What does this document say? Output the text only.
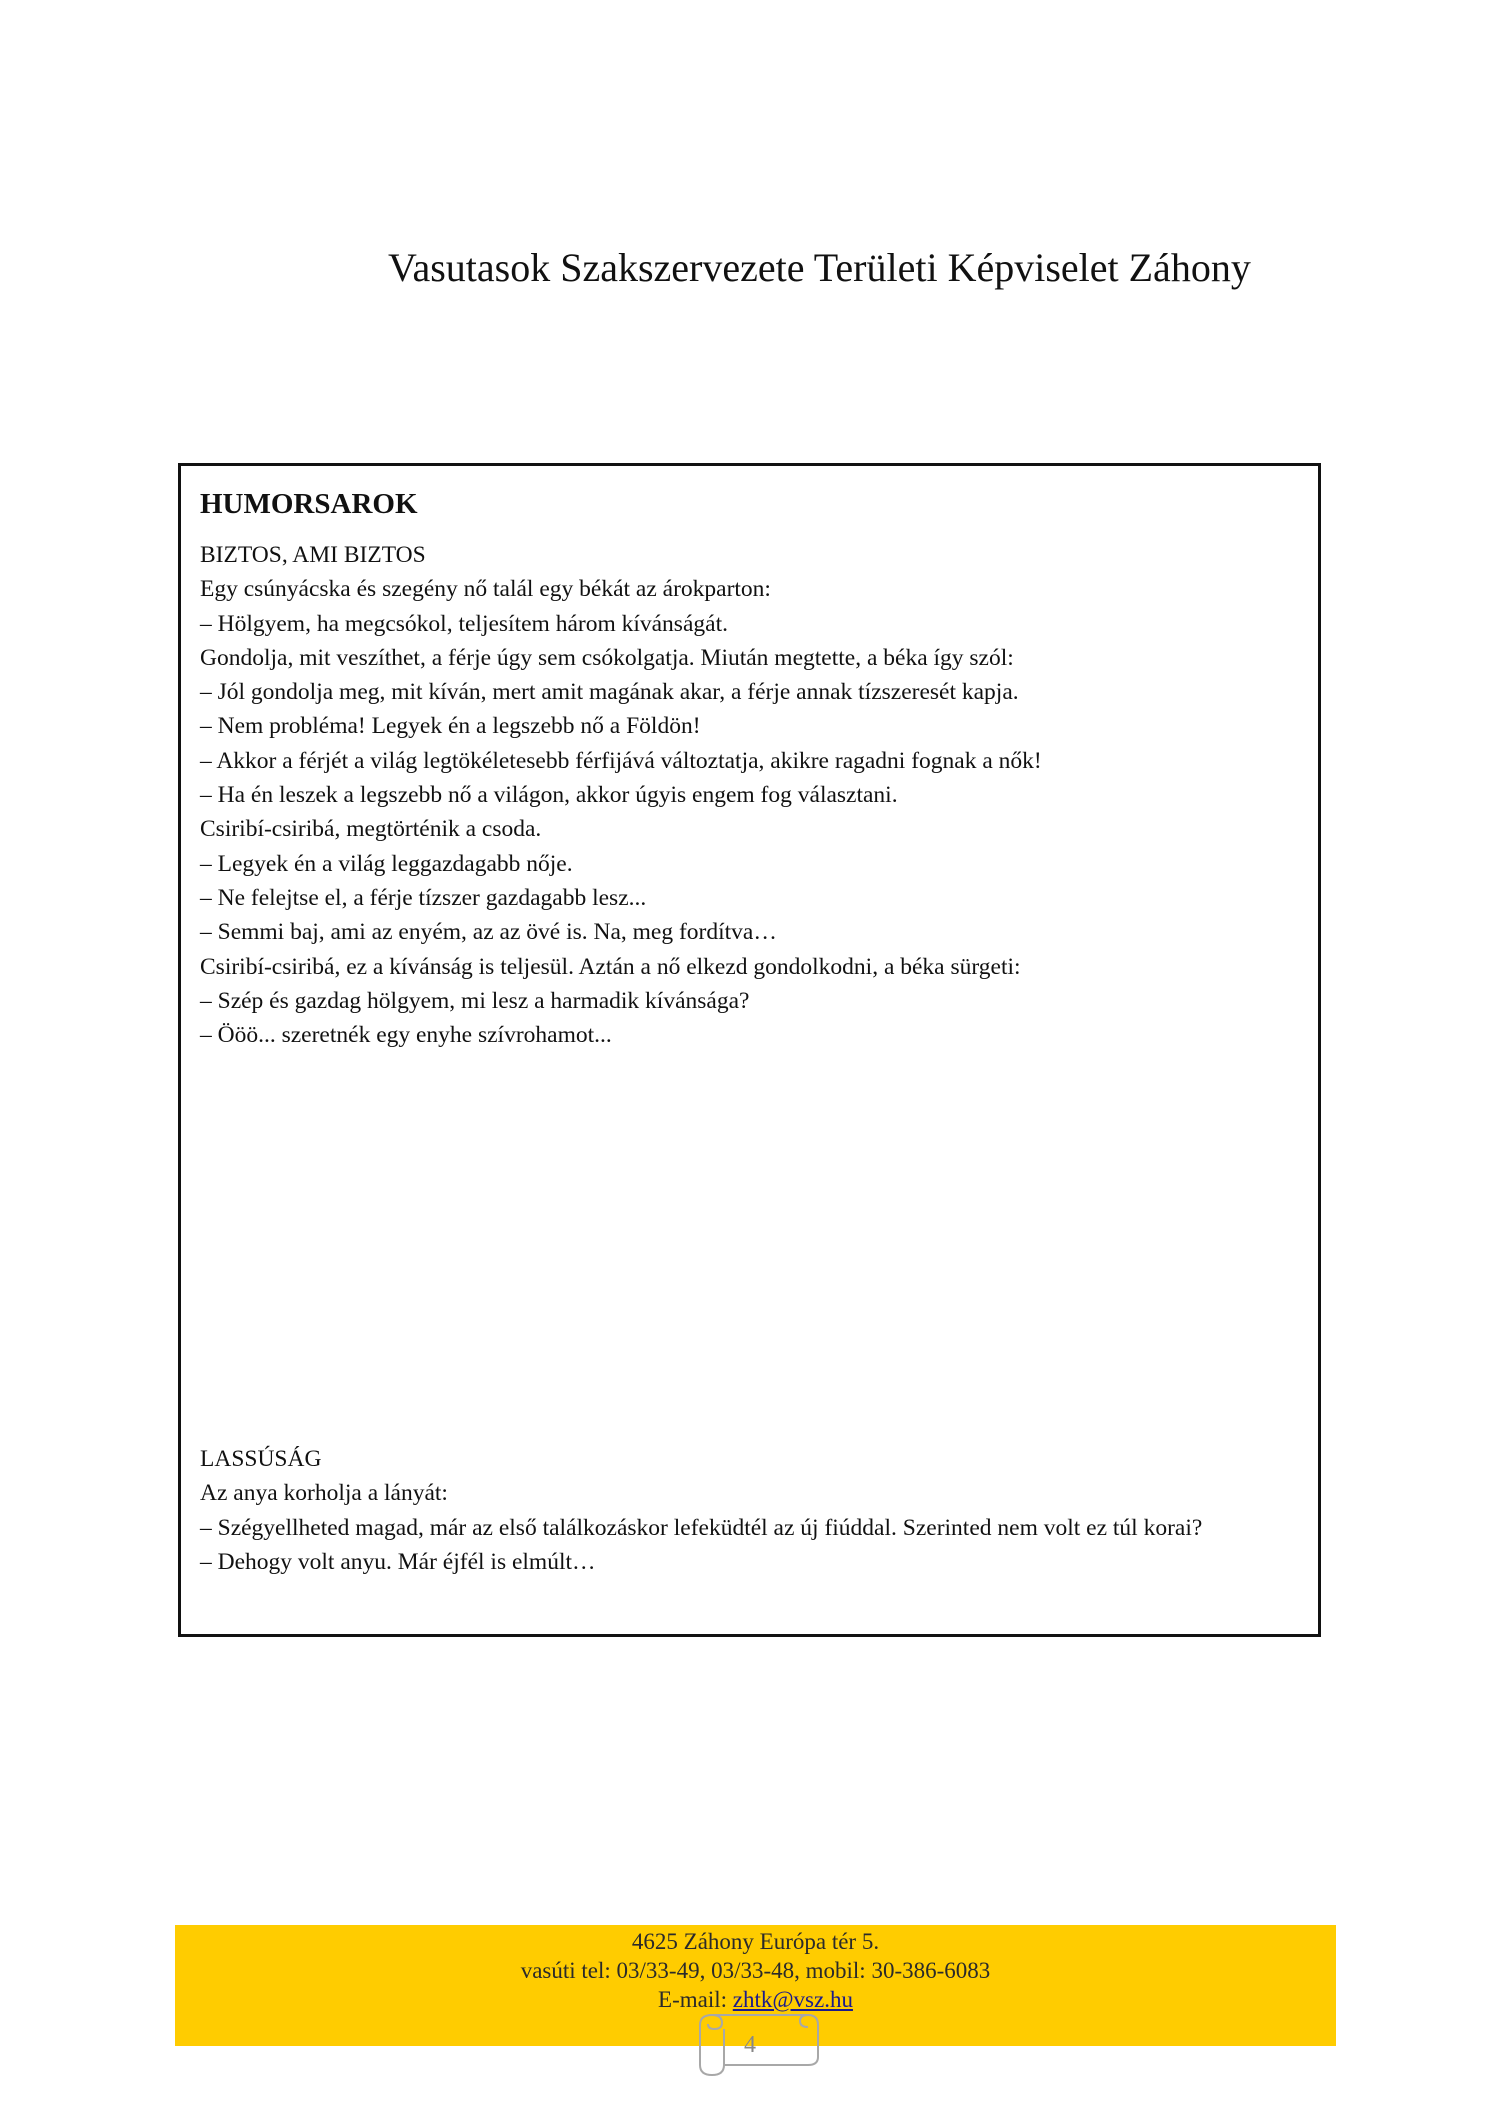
Vasutasok Szakszervezete Területi Képviselet Záhony
HUMORSAROK

BIZTOS, AMI BIZTOS

Egy csúnyácska és szegény nő talál egy békát az árokparton:

– Hölgyem, ha megcsókol, teljesítem három kívánságát.

Gondolja, mit veszíthet, a férje úgy sem csókolgatja. Miután megtette, a béka így szól:

– Jól gondolja meg, mit kíván, mert amit magának akar, a férje annak tízszeresét kapja.

– Nem probléma! Legyek én a legszebb nő a Földön!

– Akkor a férjét a világ legtökéletesebb férfijává változtatja, akikre ragadni fognak a nők!

– Ha én leszek a legszebb nő a világon, akkor úgyis engem fog választani.

Csiribí-csiribá, megtörténik a csoda.

– Legyek én a világ leggazdagabb nője.

– Ne felejtse el, a férje tízszer gazdagabb lesz...

– Semmi baj, ami az enyém, az az övé is. Na, meg fordítva…

Csiribí-csiribá, ez a kívánság is teljesül. Aztán a nő elkezd gondolkodni, a béka sürgeti:

– Szép és gazdag hölgyem, mi lesz a harmadik kívánsága?

– Ööö... szeretnék egy enyhe szívrohamot...

LASSÚSÁG

Az anya korholja a lányát:

– Szégyellheted magad, már az első találkozáskor lefeküdtél az új fiúddal. Szerinted nem volt ez túl korai?

– Dehogy volt anyu. Már éjfél is elmúlt…

4625 Záhony Európa tér 5.
vasúti tel: 03/33-49, 03/33-48, mobil: 30-386-6083
E-mail: zhtk@vsz.hu
4
